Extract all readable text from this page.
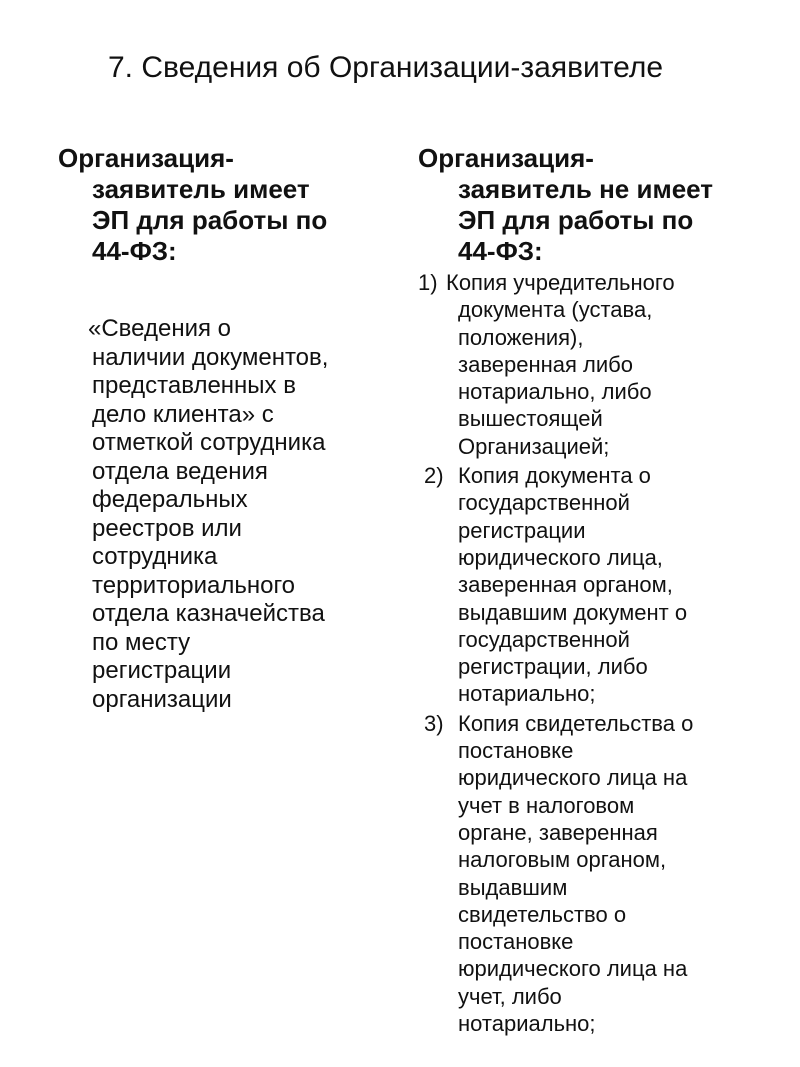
7. Сведения об Организации-заявителе
Организация-
заявитель имеет
ЭП для работы по
44-ФЗ:
«Сведения о
наличии документов,
представленных в
дело клиента» с
отметкой сотрудника
отдела ведения
федеральных
реестров или
сотрудника
территориального
отдела казначейства
по месту
регистрации
организации
Организация-
заявитель не имеет
ЭП для работы по
44-ФЗ:
1) Копия учредительного
документа (устава,
положения),
заверенная либо
нотариально, либо
вышестоящей
Организацией;
2) Копия документа о
государственной
регистрации
юридического лица,
заверенная органом,
выдавшим документ о
государственной
регистрации, либо
нотариально;
3) Копия свидетельства о
постановке
юридического лица на
учет в налоговом
органе, заверенная
налоговым органом,
выдавшим
свидетельство о
постановке
юридического лица на
учет, либо
нотариально;
